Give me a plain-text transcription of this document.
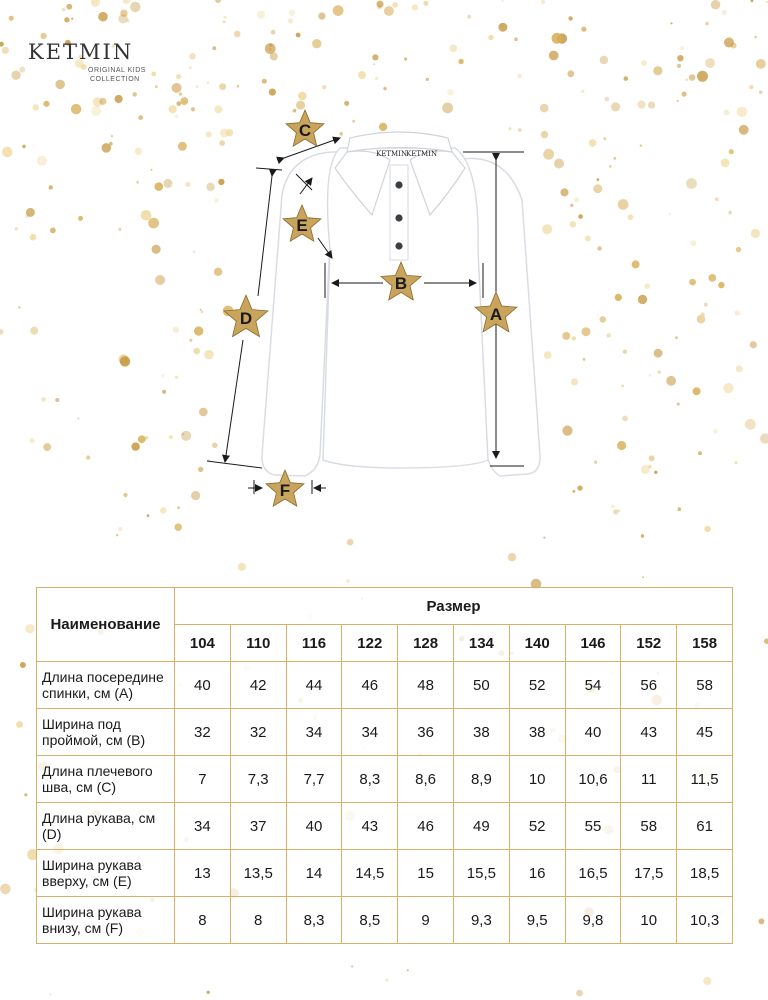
KETMIN
ORIGINAL KIDS
COLLECTION
KETMIN
KETMIN
A
B
C
D
E
F
Наименование	Размер									
	104	110	116	122	128	134	140	146	152	158
Длина посередине спинки, см (А)	40	42	44	46	48	50	52	54	56	58
Ширина под проймой, см (В)	32	32	34	34	36	38	38	40	43	45
Длина плечевого шва, см (С)	7	7,3	7,7	8,3	8,6	8,9	10	10,6	11	11,5
Длина рукава, см (D)	34	37	40	43	46	49	52	55	58	61
Ширина рукава вверху, см (Е)	13	13,5	14	14,5	15	15,5	16	16,5	17,5	18,5
Ширина рукава внизу, см (F)	8	8	8,3	8,5	9	9,3	9,5	9,8	10	10,3
